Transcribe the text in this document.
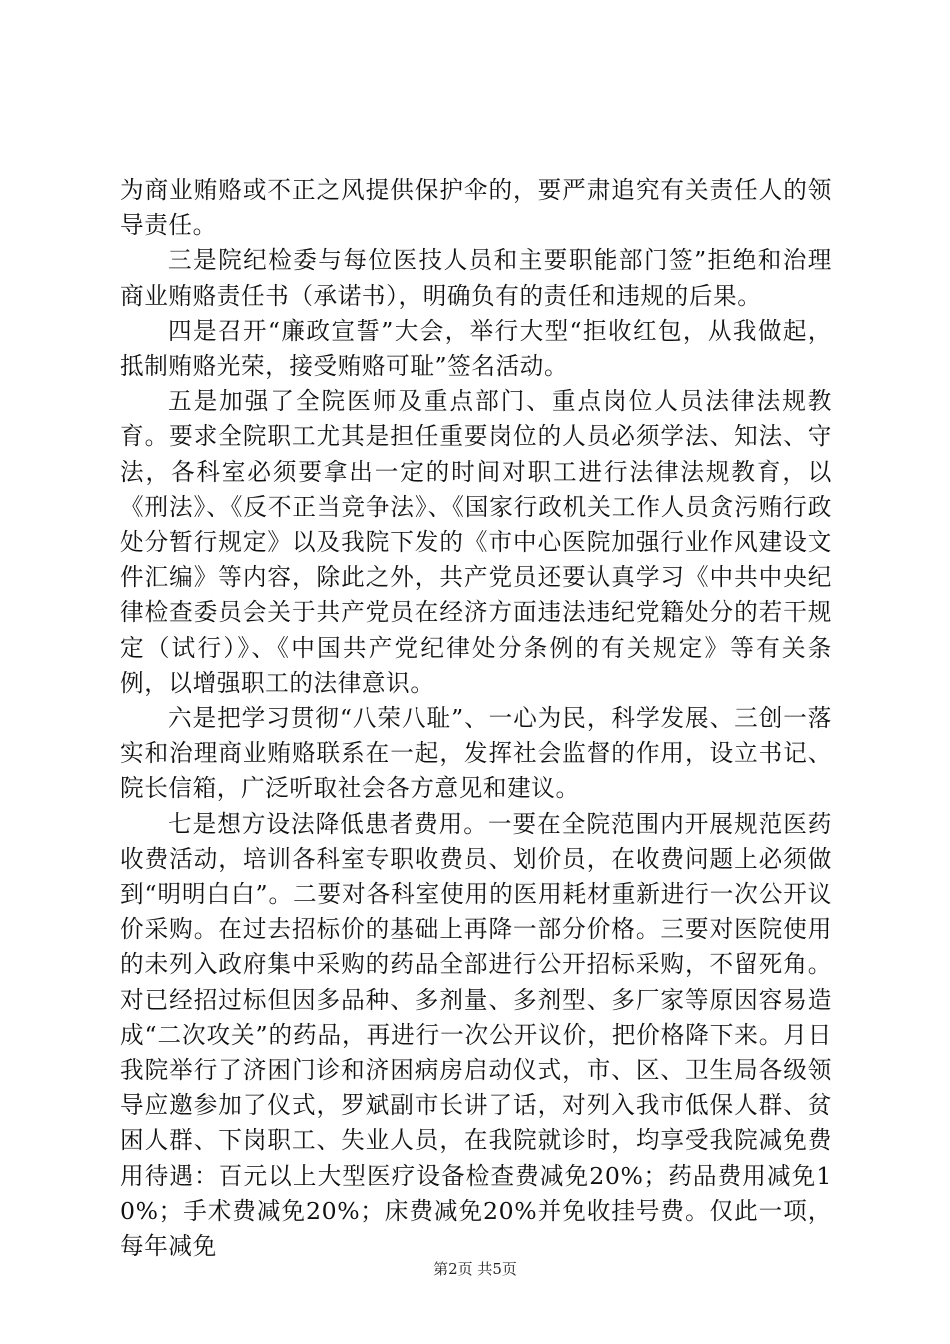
为商业贿赂或不正之风提供保护伞的，要严肃追究有关责任人的领导责任。

三是院纪检委与每位医技人员和主要职能部门签”拒绝和治理商业贿赂责任书（承诺书），明确负有的责任和违规的后果。

四是召开“廉政宣誓”大会，举行大型“拒收红包，从我做起，抵制贿赂光荣，接受贿赂可耻”签名活动。

五是加强了全院医师及重点部门、重点岗位人员法律法规教育。要求全院职工尤其是担任重要岗位的人员必须学法、知法、守法，各科室必须要拿出一定的时间对职工进行法律法规教育，以《刑法》、《反不正当竞争法》、《国家行政机关工作人员贪污贿行政处分暂行规定》以及我院下发的《市中心医院加强行业作风建设文件汇编》等内容，除此之外，共产党员还要认真学习《中共中央纪律检查委员会关于共产党员在经济方面违法违纪党籍处分的若干规定（试行）》、《中国共产党纪律处分条例的有关规定》等有关条例，以增强职工的法律意识。

六是把学习贯彻“八荣八耻”、一心为民，科学发展、三创一落实和治理商业贿赂联系在一起，发挥社会监督的作用，设立书记、院长信箱，广泛听取社会各方意见和建议。

七是想方设法降低患者费用。一要在全院范围内开展规范医药收费活动，培训各科室专职收费员、划价员，在收费问题上必须做到“明明白白”。二要对各科室使用的医用耗材重新进行一次公开议价采购。在过去招标价的基础上再降一部分价格。三要对医院使用的未列入政府集中采购的药品全部进行公开招标采购，不留死角。对已经招过标但因多品种、多剂量、多剂型、多厂家等原因容易造成“二次攻关”的药品，再进行一次公开议价，把价格降下来。月日我院举行了济困门诊和济困病房启动仪式，市、区、卫生局各级领导应邀参加了仪式，罗斌副市长讲了话，对列入我市低保人群、贫困人群、下岗职工、失业人员，在我院就诊时，均享受我院减免费用待遇：百元以上大型医疗设备检查费减免20%；药品费用减免10%；手术费减免20%；床费减免20%并免收挂号费。仅此一项，每年减免

第2页 共5页
